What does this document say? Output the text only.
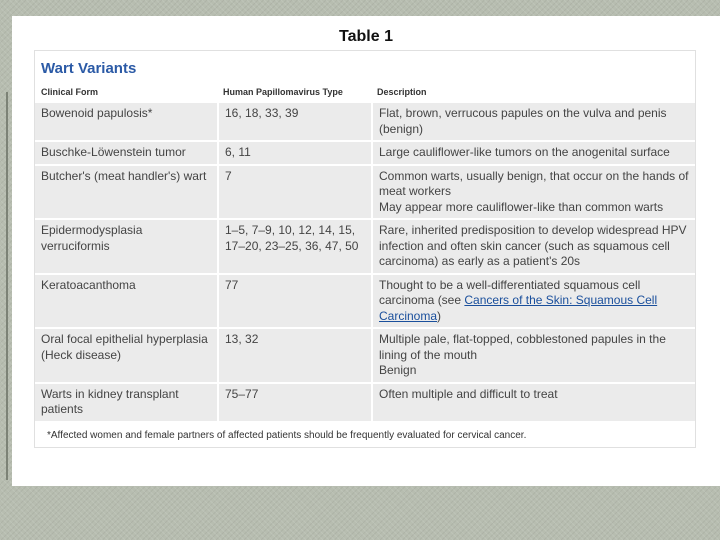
Table 1
Wart Variants
Clinical Form	Human Papillomavirus Type	Description
Bowenoid papulosis*	16, 18, 33, 39	Flat, brown, verrucous papules on the vulva and penis (benign)

Buschke-Löwenstein tumor	6, 11	Large cauliflower-like tumors on the anogenital surface

Butcher's (meat handler's) wart	7	Common warts, usually benign, that occur on the hands of meat workers
May appear more cauliflower-like than common warts

Epidermodysplasia verruciformis	1–5, 7–9, 10, 12, 14, 15, 17–20, 23–25, 36, 47, 50	Rare, inherited predisposition to develop widespread HPV infection and often skin cancer (such as squamous cell carcinoma) as early as a patient's 20s

Keratoacanthoma	77	Thought to be a well-differentiated squamous cell carcinoma (see Cancers of the Skin: Squamous Cell Carcinoma)
Oral focal epithelial hyperplasia (Heck disease)	13, 32	Multiple pale, flat-topped, cobblestoned papules in the lining of the mouth
Benign

Warts in kidney transplant patients	75–77	Often multiple and difficult to treat
*Affected women and female partners of affected patients should be frequently evaluated for cervical cancer.
